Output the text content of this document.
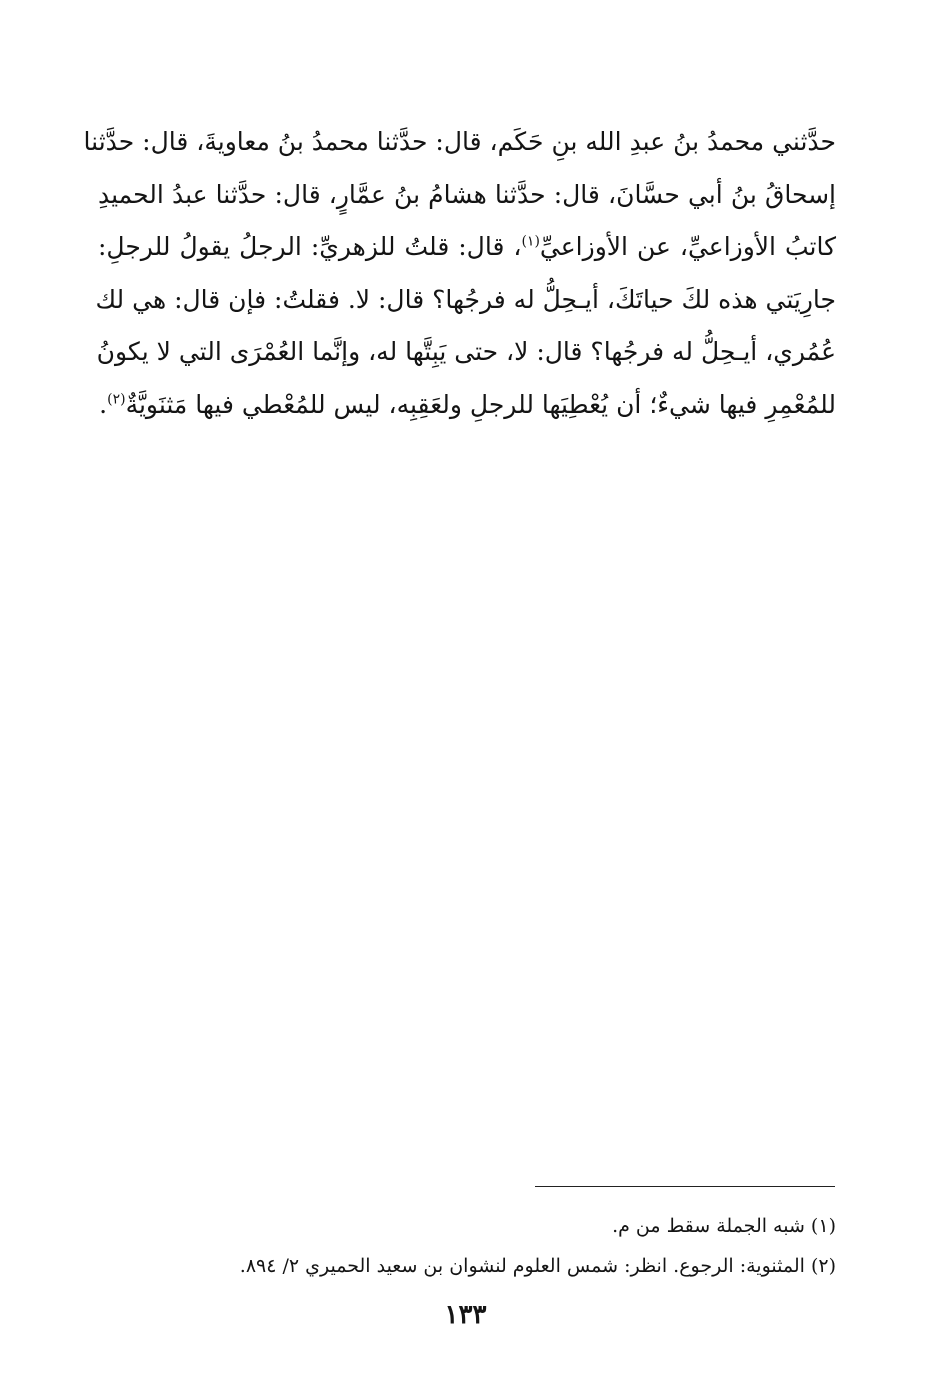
حدَّثني محمدُ بنُ عبدِ الله بنِ حَكَم، قال: حدَّثنا محمدُ بنُ معاويةَ، قال: حدَّثنا
إسحاقُ بنُ أبي حسَّانَ، قال: حدَّثنا هشامُ بنُ عمَّارٍ، قال: حدَّثنا عبدُ الحميدِ
كاتبُ الأوزاعيِّ، عن الأوزاعيِّ$^{(١)}$، قال: قلتُ للزهريِّ: الرجلُ يقولُ للرجلِ:
جارِيَتي هذه لكَ حياتَكَ، أيـحِلُّ له فرجُها؟ قال: لا. فقلتُ: فإن قال: هي لك
عُمُري، أيـحِلُّ له فرجُها؟ قال: لا، حتى يَبِتَّها له، وإنَّما العُمْرَى التي لا يكونُ
للمُعْمِرِ فيها شيءٌ؛ أن يُعْطِيَها للرجلِ ولعَقِبِه، ليس للمُعْطي فيها مَثنَويَّةٌ$^{(٢)}$.
(١) شبه الجملة سقط من م.
(٢) المثنوية: الرجوع. انظر: شمس العلوم لنشوان بن سعيد الحميري ٢/ ٨٩٤.
١٣٣
